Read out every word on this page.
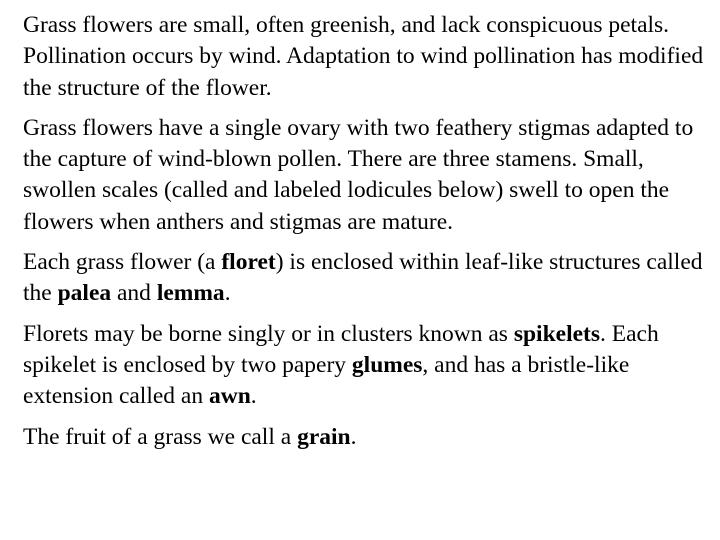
Grass flowers are small, often greenish, and lack conspicuous petals. Pollination occurs by wind. Adaptation to wind pollination has modified the structure of the flower.

Grass flowers have a single ovary with two feathery stigmas adapted to the capture of wind-blown pollen. There are three stamens. Small, swollen scales (called and labeled lodicules below) swell to open the flowers when anthers and stigmas are mature.

Each grass flower (a floret) is enclosed within leaf-like structures called the palea and lemma.

Florets may be borne singly or in clusters known as spikelets. Each spikelet is enclosed by two papery glumes, and has a bristle-like extension called an awn.

The fruit of a grass we call a grain.
